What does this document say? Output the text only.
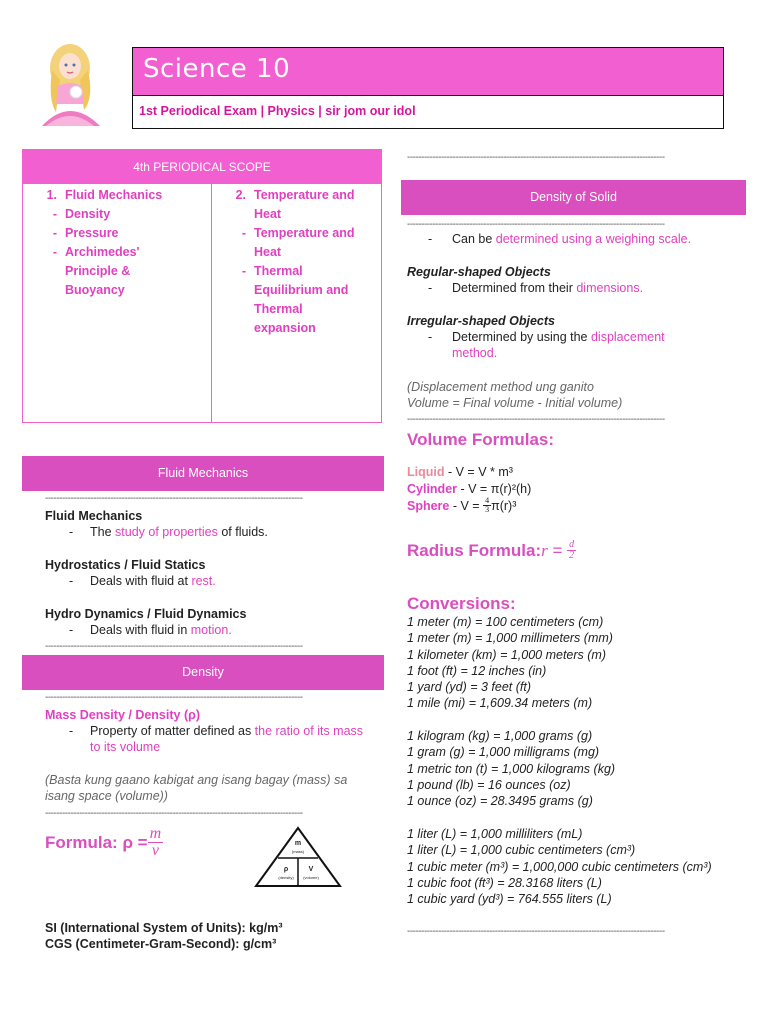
Science 10
1st Periodical Exam | Physics | sir jom our idol
4th PERIODICAL SCOPE
1. Fluid Mechanics
- Density
- Pressure
- Archimedes' Principle & Buoyancy
2. Temperature and Heat
- Temperature and Heat
- Thermal Equilibrium and Thermal expansion
Fluid Mechanics
-------------------------------------------------------------------------------------------
Fluid Mechanics
- The study of properties of fluids.
Hydrostatics / Fluid Statics
- Deals with fluid at rest.
Hydro Dynamics / Fluid Dynamics
- Deals with fluid in motion.
-------------------------------------------------------------------------------------------
Density
-------------------------------------------------------------------------------------------
Mass Density / Density (ρ)
- Property of matter defined as the ratio of its mass to its volume
(Basta kung gaano kabigat ang isang bagay (mass) sa isang space (volume))
-------------------------------------------------------------------------------------------
Formula: $\rho = \frac{m}{v}$	m
(mass)
ρ
(density)
V
(volume)
SI (International System of Units): kg/m³
CGS (Centimeter-Gram-Second): g/cm³
-------------------------------------------------------------------------------------------
Density of Solid
-------------------------------------------------------------------------------------------
- Can be determined using a weighing scale.
Regular-shaped Objects
- Determined from their dimensions.
Irregular-shaped Objects
- Determined by using the displacement method.
(Displacement method ung ganito
Volume = Final volume - Initial volume)
-------------------------------------------------------------------------------------------
Volume Formulas:
Liquid - V = V * m³
Cylinder - V = π(r)²(h)
Sphere - $V = \frac{4}{3} \pi(r)^3$
Radius Formula: $r = \frac{d}{2}$
Conversions:
1 meter (m) = 100 centimeters (cm)
1 meter (m) = 1,000 millimeters (mm)
1 kilometer (km) = 1,000 meters (m)
1 foot (ft) = 12 inches (in)
1 yard (yd) = 3 feet (ft)
1 mile (mi) = 1,609.34 meters (m)
1 kilogram (kg) = 1,000 grams (g)
1 gram (g) = 1,000 milligrams (mg)
1 metric ton (t) = 1,000 kilograms (kg)
1 pound (lb) = 16 ounces (oz)
1 ounce (oz) = 28.3495 grams (g)
1 liter (L) = 1,000 milliliters (mL)
1 liter (L) = 1,000 cubic centimeters (cm³)
1 cubic meter (m³) = 1,000,000 cubic centimeters (cm³)
1 cubic foot (ft³) = 28.3168 liters (L)
1 cubic yard (yd³) = 764.555 liters (L)
-------------------------------------------------------------------------------------------
